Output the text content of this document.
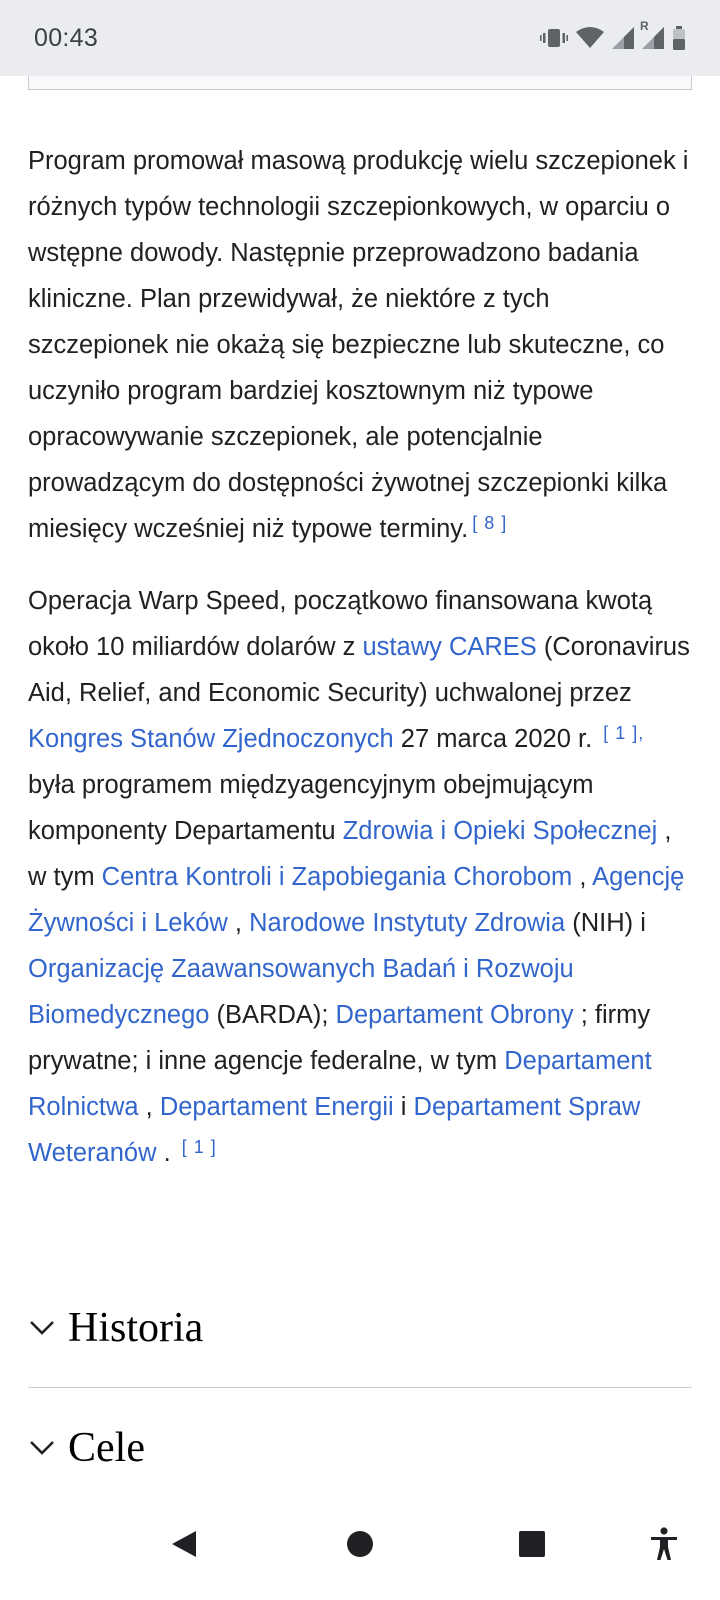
00:43	R

Program promował masową produkcję wielu szczepionek i różnych typów technologii szczepionkowych, w oparciu o wstępne dowody. Następnie przeprowadzono badania kliniczne. Plan przewidywał, że niektóre z tych szczepionek nie okażą się bezpieczne lub skuteczne, co uczyniło program bardziej kosztownym niż typowe opracowywanie szczepionek, ale potencjalnie prowadzącym do dostępności żywotnej szczepionki kilka miesięcy wcześniej niż typowe terminy. [ 8 ]

Operacja Warp Speed, początkowo finansowana kwotą około 10 miliardów dolarów z ustawy CARES (Coronavirus Aid, Relief, and Economic Security) uchwalonej przez Kongres Stanów Zjednoczonych 27 marca 2020 r. $^{[ 1 ],}$ była programem międzyagencyjnym obejmującym komponenty Departamentu Zdrowia i Opieki Społecznej , w tym Centra Kontroli i Zapobiegania Chorobom , Agencję Żywności i Leków , Narodowe Instytuty Zdrowia (NIH) i Organizację Zaawansowanych Badań i Rozwoju Biomedycznego (BARDA); Departament Obrony ; firmy prywatne; i inne agencje federalne, w tym Departament Rolnictwa , Departament Energii i Departament Spraw Weteranów . [ 1 ]

Historia
Cele
